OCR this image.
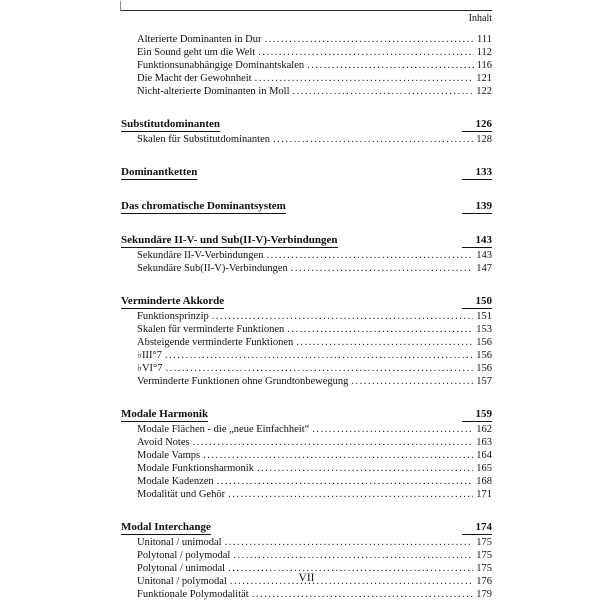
Inhalt
Alterierte Dominanten in Dur .....	111
Ein Sound geht um die Welt .....	112
Funktionsunabhängige Dominantskalen .....	116
Die Macht der Gewohnheit .....	121
Nicht-alterierte Dominanten in Moll .....	122
Substitutdominanten	126
Skalen für Substitutdominanten .....	128
Dominantketten	133
Das chromatische Dominantsystem	139
Sekundäre II-V- und Sub(II-V)-Verbindungen	143
Sekundäre II-V-Verbindungen .....	143
Sekundäre Sub(II-V)-Verbindungen .....	147
Verminderte Akkorde	150
Funktionsprinzip .....	151
Skalen für verminderte Funktionen .....	153
Absteigende verminderte Funktionen .....	156
♭III°7 .....	156
♭VI°7 .....	156
Verminderte Funktionen ohne Grundtonbewegung .....	157
Modale Harmonik	159
Modale Flächen - die „neue Einfachheit“ .....	162
Avoid Notes .....	163
Modale Vamps .....	164
Modale Funktionsharmonik .....	165
Modale Kadenzen .....	168
Modalität und Gehör .....	171
Modal Interchange	174
Unitonal / unimodal .....	175
Polytonal / polymodal .....	175
Polytonal / unimodal .....	175
Unitonal / polymodal .....	176
Funktionale Polymodalität .....	179
VII
